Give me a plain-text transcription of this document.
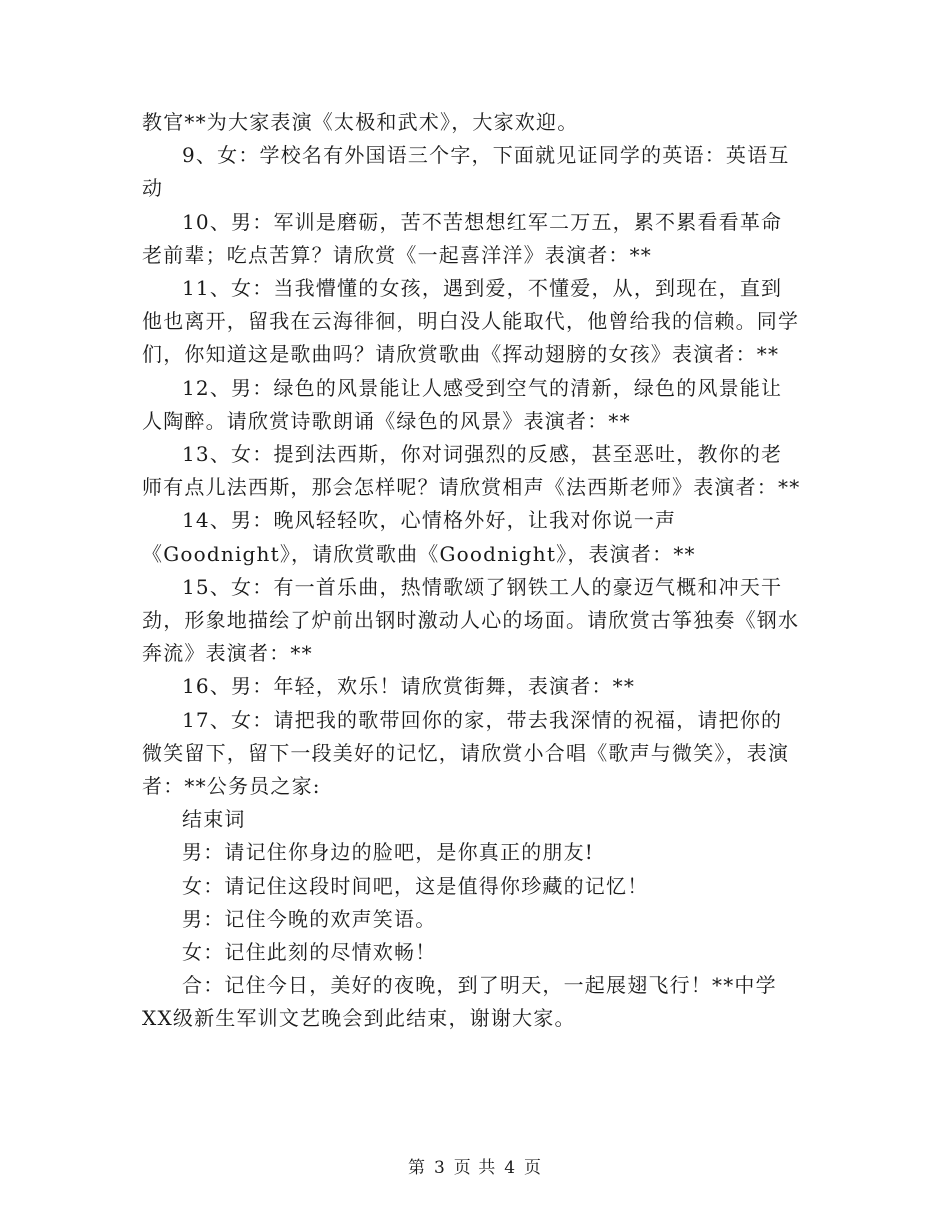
教官**为大家表演《太极和武术》，大家欢迎。

9、女：学校名有外国语三个字，下面就见证同学的英语：英语互动

10、男：军训是磨砺，苦不苦想想红军二万五，累不累看看革命老前辈；吃点苦算？请欣赏《一起喜洋洋》表演者：**

11、女：当我懵懂的女孩，遇到爱，不懂爱，从，到现在，直到他也离开，留我在云海徘徊，明白没人能取代，他曾给我的信赖。同学们，你知道这是歌曲吗？请欣赏歌曲《挥动翅膀的女孩》表演者：**

12、男：绿色的风景能让人感受到空气的清新，绿色的风景能让人陶醉。请欣赏诗歌朗诵《绿色的风景》表演者：**

13、女：提到法西斯，你对词强烈的反感，甚至恶吐，教你的老师有点儿法西斯，那会怎样呢？请欣赏相声《法西斯老师》表演者：**

14、男：晚风轻轻吹，心情格外好，让我对你说一声《Goodnight》，请欣赏歌曲《Goodnight》，表演者：**

15、女：有一首乐曲，热情歌颂了钢铁工人的豪迈气概和冲天干劲，形象地描绘了炉前出钢时激动人心的场面。请欣赏古筝独奏《钢水奔流》表演者：**

16、男：年轻，欢乐！请欣赏街舞，表演者：**

17、女：请把我的歌带回你的家，带去我深情的祝福，请把你的微笑留下，留下一段美好的记忆，请欣赏小合唱《歌声与微笑》，表演者：**公务员之家:

结束词

男：请记住你身边的脸吧，是你真正的朋友!

女：请记住这段时间吧，这是值得你珍藏的记忆！

男：记住今晚的欢声笑语。

女：记住此刻的尽情欢畅！

合：记住今日，美好的夜晚，到了明天，一起展翅飞行！**中学XX级新生军训文艺晚会到此结束，谢谢大家。

第 3 页 共 4 页
